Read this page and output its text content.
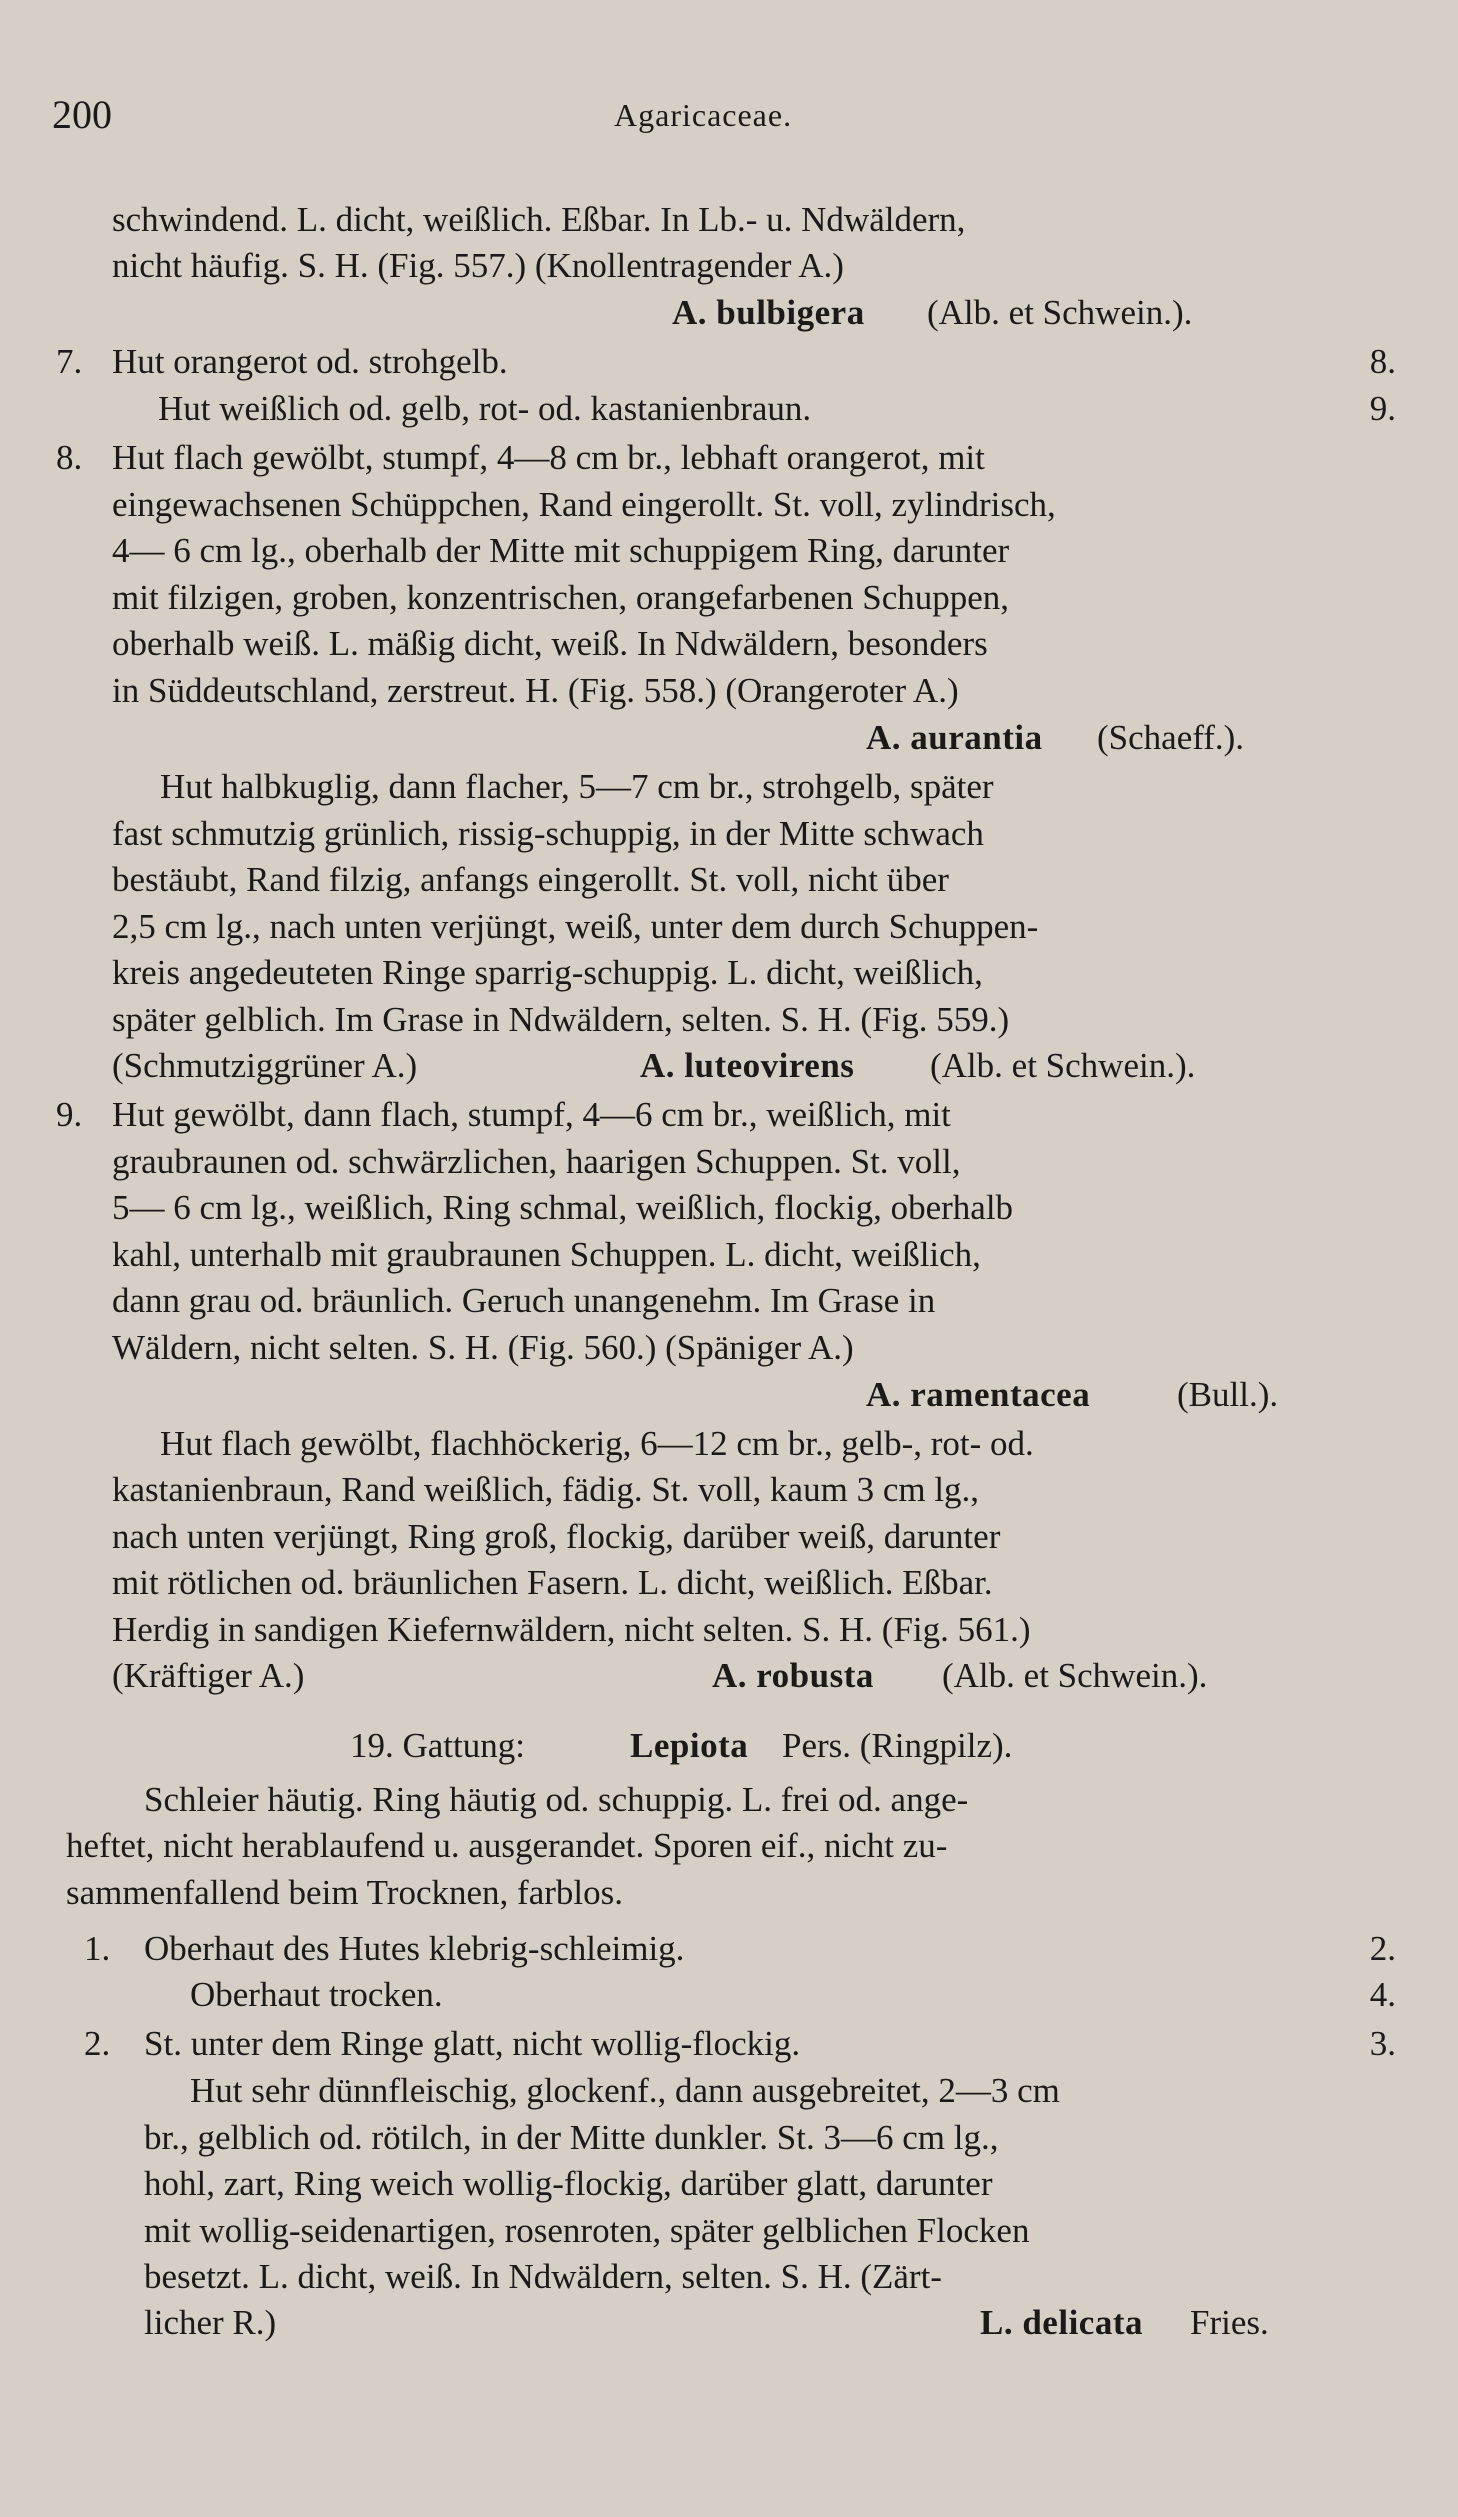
200	Agaricaceae.
schwindend. L. dicht, weißlich. Eßbar. In Lb.- u. Ndwäldern,
nicht häufig. S. H. (Fig. 557.) (Knollentragender A.)
A. bulbigera (Alb. et Schwein.).
7. Hut orangerot od. strohgelb.	8.
Hut weißlich od. gelb, rot- od. kastanienbraun.	9.
8. Hut flach gewölbt, stumpf, 4—8 cm br., lebhaft orangerot, mit
eingewachsenen Schüppchen, Rand eingerollt. St. voll, zylindrisch,
4— 6 cm lg., oberhalb der Mitte mit schuppigem Ring, darunter
mit filzigen, groben, konzentrischen, orangefarbenen Schuppen,
oberhalb weiß. L. mäßig dicht, weiß. In Ndwäldern, besonders
in Süddeutschland, zerstreut. H. (Fig. 558.) (Orangeroter A.)
A. aurantia (Schaeff.).
Hut halbkuglig, dann flacher, 5—7 cm br., strohgelb, später
fast schmutzig grünlich, rissig-schuppig, in der Mitte schwach
bestäubt, Rand filzig, anfangs eingerollt. St. voll, nicht über
2,5 cm lg., nach unten verjüngt, weiß, unter dem durch Schuppen-
kreis angedeuteten Ringe sparrig-schuppig. L. dicht, weißlich,
später gelblich. Im Grase in Ndwäldern, selten. S. H. (Fig. 559.)
(Schmutziggrüner A.)	A. luteovirens (Alb. et Schwein.).
9. Hut gewölbt, dann flach, stumpf, 4—6 cm br., weißlich, mit
graubraunen od. schwärzlichen, haarigen Schuppen. St. voll,
5— 6 cm lg., weißlich, Ring schmal, weißlich, flockig, oberhalb
kahl, unterhalb mit graubraunen Schuppen. L. dicht, weißlich,
dann grau od. bräunlich. Geruch unangenehm. Im Grase in
Wäldern, nicht selten. S. H. (Fig. 560.) (Späniger A.)
A. ramentacea (Bull.).
Hut flach gewölbt, flachhöckerig, 6—12 cm br., gelb-, rot- od.
kastanienbraun, Rand weißlich, fädig. St. voll, kaum 3 cm lg.,
nach unten verjüngt, Ring groß, flockig, darüber weiß, darunter
mit rötlichen od. bräunlichen Fasern. L. dicht, weißlich. Eßbar.
Herdig in sandigen Kiefernwäldern, nicht selten. S. H. (Fig. 561.)
(Kräftiger A.)	A. robusta (Alb. et Schwein.).
19. Gattung:	Lepiota Pers. (Ringpilz).
Schleier häutig. Ring häutig od. schuppig. L. frei od. ange-
heftet, nicht herablaufend u. ausgerandet. Sporen eif., nicht zu-
sammenfallend beim Trocknen, farblos.
1. Oberhaut des Hutes klebrig-schleimig.	2.
Oberhaut trocken.	4.
2. St. unter dem Ringe glatt, nicht wollig-flockig.	3.
Hut sehr dünnfleischig, glockenf., dann ausgebreitet, 2—3 cm
br., gelblich od. rötilch, in der Mitte dunkler. St. 3—6 cm lg.,
hohl, zart, Ring weich wollig-flockig, darüber glatt, darunter
mit wollig-seidenartigen, rosenroten, später gelblichen Flocken
besetzt. L. dicht, weiß. In Ndwäldern, selten. S. H. (Zärt-
licher R.)	L. delicata Fries.
